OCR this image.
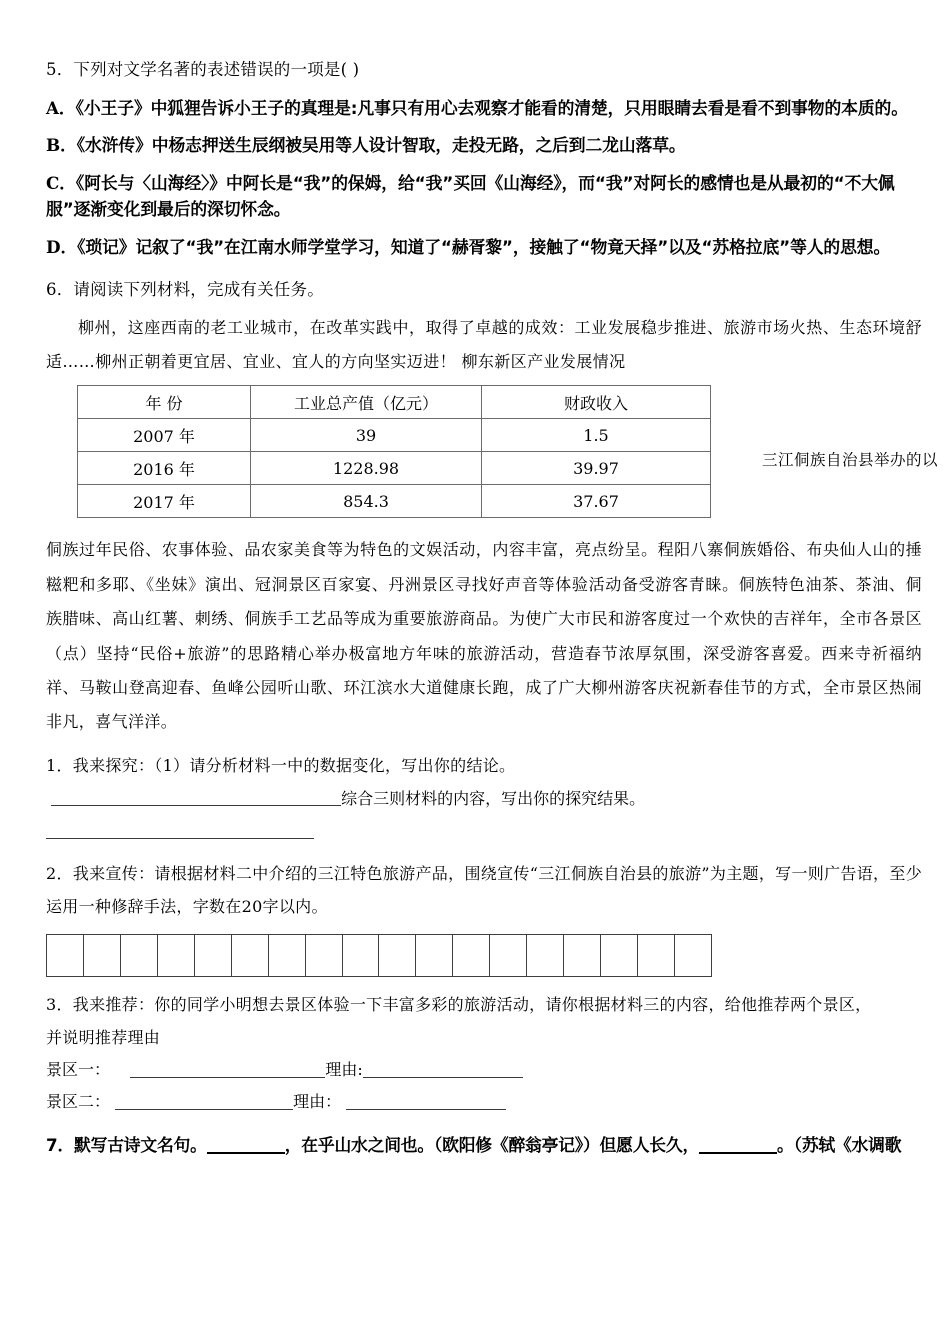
5．下列对文学名著的表述错误的一项是( )
A．《小王子》中狐狸告诉小王子的真理是:凡事只有用心去观察才能看的清楚，只用眼睛去看是看不到事物的本质的。
B．《水浒传》中杨志押送生辰纲被吴用等人设计智取，走投无路，之后到二龙山落草。
C．《阿长与〈山海经〉》中阿长是“我”的保姆，给“我”买回《山海经》，而“我”对阿长的感情也是从最初的“不大佩服”逐渐变化到最后的深切怀念。
D．《琐记》记叙了“我”在江南水师学堂学习，知道了“赫胥黎”，接触了“物竟天择”以及“苏格拉底”等人的思想。
6．请阅读下列材料，完成有关任务。

柳州，这座西南的老工业城市，在改革实践中，取得了卓越的成效：工业发展稳步推进、旅游市场火热、生态环境舒适……柳州正朝着更宜居、宜业、宜人的方向坚实迈进！ 柳东新区产业发展情况

年 份	工业总产值（亿元）	财政收入
2007 年	39	1.5
2016 年	1228.98	39.97
2017 年	854.3	37.67
三江侗族自治县举办的以

侗族过年民俗、农事体验、品农家美食等为特色的文娱活动，内容丰富，亮点纷呈。程阳八寨侗族婚俗、布央仙人山的捶糍粑和多耶、《坐妹》演出、冠洞景区百家宴、丹洲景区寻找好声音等体验活动备受游客青睐。侗族特色油茶、茶油、侗族腊味、高山红薯、刺绣、侗族手工艺品等成为重要旅游商品。为使广大市民和游客度过一个欢快的吉祥年，全市各景区（点）坚持“民俗+旅游”的思路精心举办极富地方年味的旅游活动，营造春节浓厚氛围，深受游客喜爱。西来寺祈福纳祥、马鞍山登高迎春、鱼峰公园听山歌、环江滨水大道健康长跑，成了广大柳州游客庆祝新春佳节的方式，全市景区热闹非凡，喜气洋洋。

1．我来探究：（1）请分析材料一中的数据变化，写出你的结论。
综合三则材料的内容，写出你的探究结果。
2．我来宣传：请根据材料二中介绍的三江特色旅游产品，围绕宣传“三江侗族自治县的旅游”为主题，写一则广告语，至少运用一种修辞手法，字数在20字以内。
3．我来推荐：你的同学小明想去景区体验一下丰富多彩的旅游活动，请你根据材料三的内容，给他推荐两个景区，
并说明推荐理由
景区一：	理由:
景区二：	理由：
7．默写古诗文名句。	，在乎山水之间也。（欧阳修《醉翁亭记》）但愿人长久，	。（苏轼《水调歌
